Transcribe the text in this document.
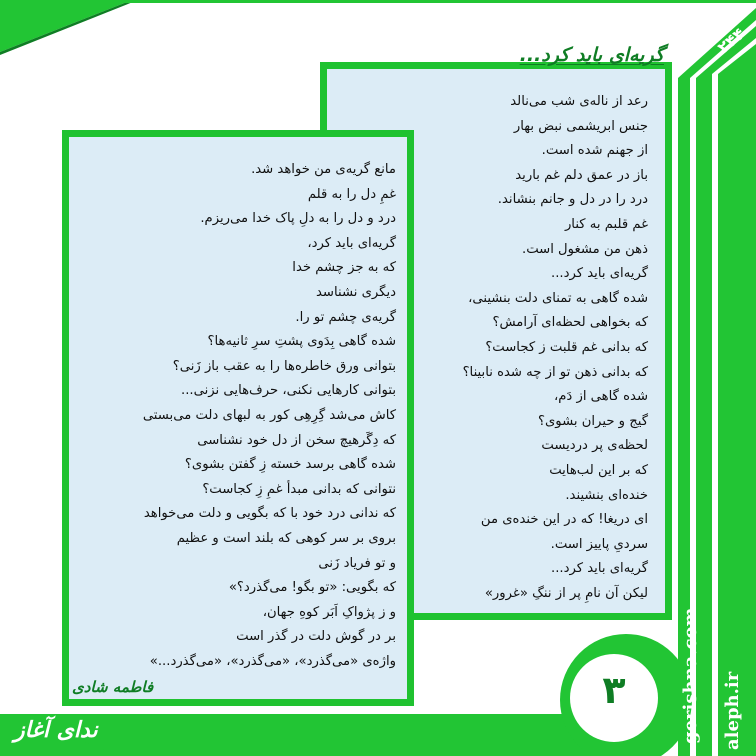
۲۴۴
گریه‌ای باید کرد...
رعد از ناله‌ی شب می‌نالد
جنس ابریشمی نبض بهار
از جهنم شده است.
باز در عمق دلم غم بارید
درد را در دل و جانم بنشاند.
غم قلبم به کنار
ذهن من مشغول است.
گریه‌ای باید کرد...
شده گاهی به تمنای دلت بنشینی،
که بخواهی لحظه‌ای آرامش؟
که بدانی غم قلبت ز کجاست؟
که بدانی ذهن تو از چه شده نابینا؟
شده گاهی از دَم،
گیج و حیران بشوی؟
لحظه‌ی پر دردیست
که بر این لب‌هایت
خنده‌ای بنشیند.
ای دریغا! که در این خنده‌ی من
سردیِ پاییز است.
گریه‌ای باید کرد...
لیکن آن نامِ پر از ننگِ «غرور»
مانع گریه‌ی من خواهد شد.
غمِ دل را به قلم
درد و دل را به دلِ پاک خدا می‌ریزم.
گریه‌ای باید کرد،
که به جز چشم خدا
دیگری نشناسد
گریه‌ی چشم تو را.
شده گاهی بِدَوی پشتِ سرِ ثانیه‌ها؟
بتوانی ورق خاطره‌ها را به عقب باز زَنی؟
بتوانی کارهایی نکنی، حرف‌هایی نزنی...
کاش می‌شد گِرِهِی کور به لبهای دلت می‌بستی
که دِگَرهیچ سخن از دل خود نشناسی
شده گاهی برسد خسته زِ گفتن بشوی؟
نتوانی که بدانی مبدأ غمِ زِ کجاست؟
که ندانی درد خود با که بگویی و دلت می‌خواهد
بروی بر سر کوهی که بلند است و عظیم
و تو فریاد زَنی
که بگویی: «تو بگو! می‌گذرد؟»
و ز پژواکِ اَبَر کوهِ جهان،
بر در گوش دلت در گذر است
واژه‌ی «می‌گذرد»، «می‌گذرد»، «می‌گذرد...»
فاطمه شادی	۳
ندای آغاز	gerishna.com aleph.ir
